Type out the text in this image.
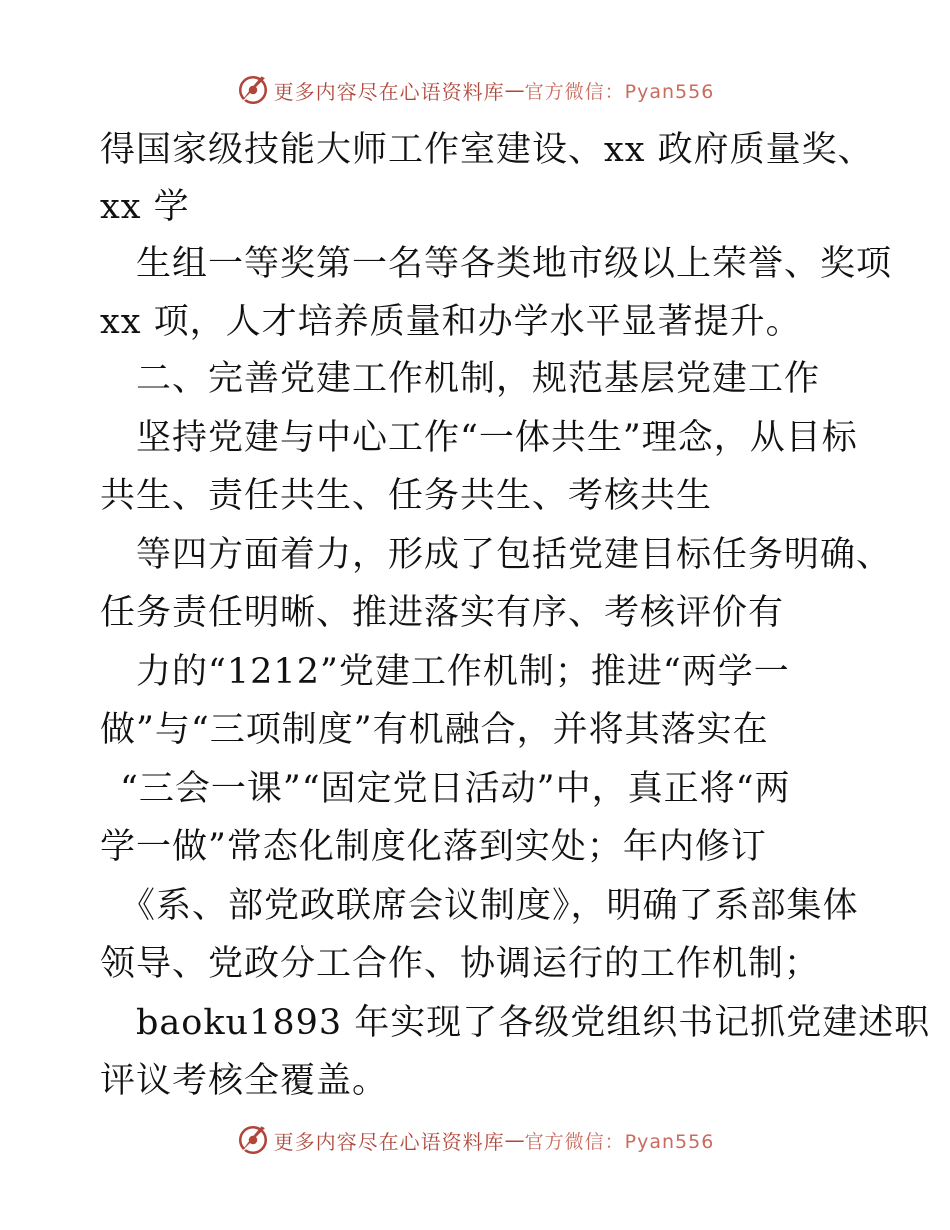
更多内容尽在心语资料库 — 官方微信：Pyan556
得国家级技能大师工作室建设、xx 政府质量奖、
xx 学
生组一等奖第一名等各类地市级以上荣誉、奖项
xx 项，人才培养质量和办学水平显著提升。
二、完善党建工作机制，规范基层党建工作
坚持党建与中心工作“一体共生”理念，从目标
共生、责任共生、任务共生、考核共生
等四方面着力，形成了包括党建目标任务明确、
任务责任明晰、推进落实有序、考核评价有
力的“1212”党建工作机制；推进“两学一
做”与“三项制度”有机融合，并将其落实在
“三会一课”“固定党日活动”中，真正将“两
学一做”常态化制度化落到实处；年内修订
《系、部党政联席会议制度》，明确了系部集体
领导、党政分工合作、协调运行的工作机制；
baoku1893 年实现了各级党组织书记抓党建述职
评议考核全覆盖。
更多内容尽在心语资料库 — 官方微信：Pyan556
